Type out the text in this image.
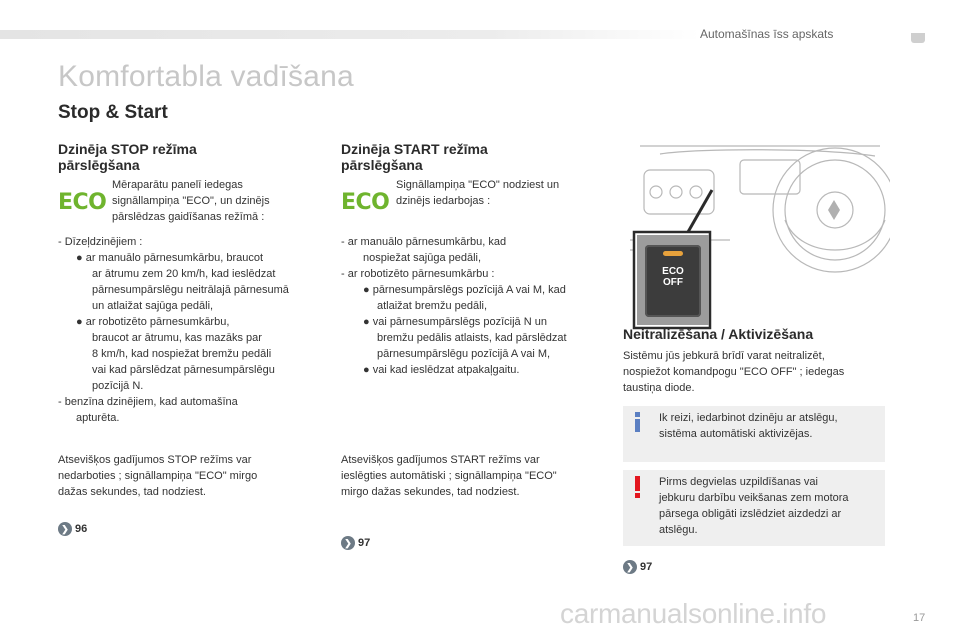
Automašīnas īss apskats
Komfortabla vadīšana
Stop & Start
Dzinēja STOP režīma
pārslēgšana
ECO
Mēraparātu panelī iedegas
signāllampiņa "ECO", un dzinējs
pārslēdzas gaidīšanas režīmā :
- Dīzeļdzinējiem :
● ar manuālo pārnesumkārbu, braucot
ar ātrumu zem 20 km/h, kad ieslēdzat
pārnesumpārslēgu neitrālajā pārnesumā
un atlaižat sajūga pedāli,
● ar robotizēto pārnesumkārbu,
braucot ar ātrumu, kas mazāks par
8 km/h, kad nospiežat bremžu pedāli
vai kad pārslēdzat pārnesumpārslēgu
pozīcijā N.
- benzīna dzinējiem, kad automašīna
apturēta.
Atsevišķos gadījumos STOP režīms var
nedarboties ; signāllampiņa "ECO" mirgo
dažas sekundes, tad nodziest.
❯ 96
Dzinēja START režīma
pārslēgšana
ECO
Signāllampiņa "ECO" nodziest un
dzinējs iedarbojas :
- ar manuālo pārnesumkārbu, kad
nospiežat sajūga pedāli,
- ar robotizēto pārnesumkārbu :
● pārnesumpārslēgs pozīcijā A vai M, kad
atlaižat bremžu pedāli,
● vai pārnesumpārslēgs pozīcijā N un
bremžu pedālis atlaists, kad pārslēdzat
pārnesumpārslēgu pozīcijā A vai M,
● vai kad ieslēdzat atpakaļgaitu.
Atsevišķos gadījumos START režīms var
ieslēgties automātiski ; signāllampiņa "ECO"
mirgo dažas sekundes, tad nodziest.
❯ 97
ECO
OFF
Neitralizēšana / Aktivizēšana
Sistēmu jūs jebkurā brīdī varat neitralizēt,
nospiežot komandpogu "ECO OFF" ; iedegas
taustiņa diode.
Ik reizi, iedarbinot dzinēju ar atslēgu,
sistēma automātiski aktivizējas.
Pirms degvielas uzpildīšanas vai
jebkuru darbību veikšanas zem motora
pārsega obligāti izslēdziet aizdedzi ar
atslēgu.
❯ 97
carmanualsonline.info	17
